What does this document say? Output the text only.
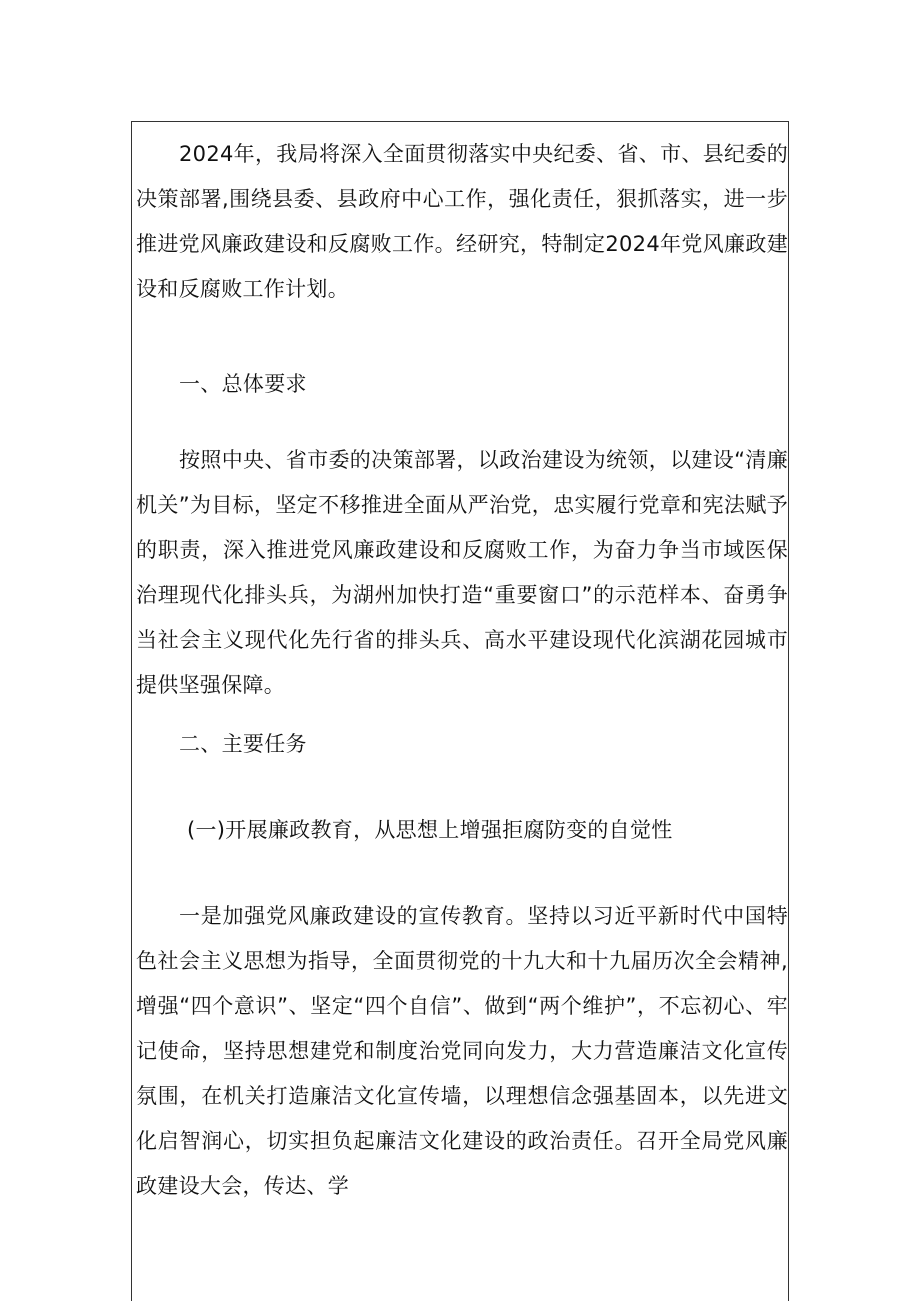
2024年，我局将深入全面贯彻落实中央纪委、省、市、县纪委的决策部署,围绕县委、县政府中心工作，强化责任，狠抓落实，进一步推进党风廉政建设和反腐败工作。经研究，特制定2024年党风廉政建设和反腐败工作计划。

一、总体要求

按照中央、省市委的决策部署，以政治建设为统领，以建设“清廉机关”为目标，坚定不移推进全面从严治党，忠实履行党章和宪法赋予的职责，深入推进党风廉政建设和反腐败工作，为奋力争当市域医保治理现代化排头兵，为湖州加快打造“重要窗口”的示范样本、奋勇争当社会主义现代化先行省的排头兵、高水平建设现代化滨湖花园城市提供坚强保障。

二、主要任务

(一)开展廉政教育，从思想上增强拒腐防变的自觉性

一是加强党风廉政建设的宣传教育。坚持以习近平新时代中国特色社会主义思想为指导，全面贯彻党的十九大和十九届历次全会精神,增强“四个意识”、坚定“四个自信”、做到“两个维护”，不忘初心、牢记使命，坚持思想建党和制度治党同向发力，大力营造廉洁文化宣传氛围，在机关打造廉洁文化宣传墙，以理想信念强基固本，以先进文化启智润心，切实担负起廉洁文化建设的政治责任。召开全局党风廉政建设大会，传达、学
